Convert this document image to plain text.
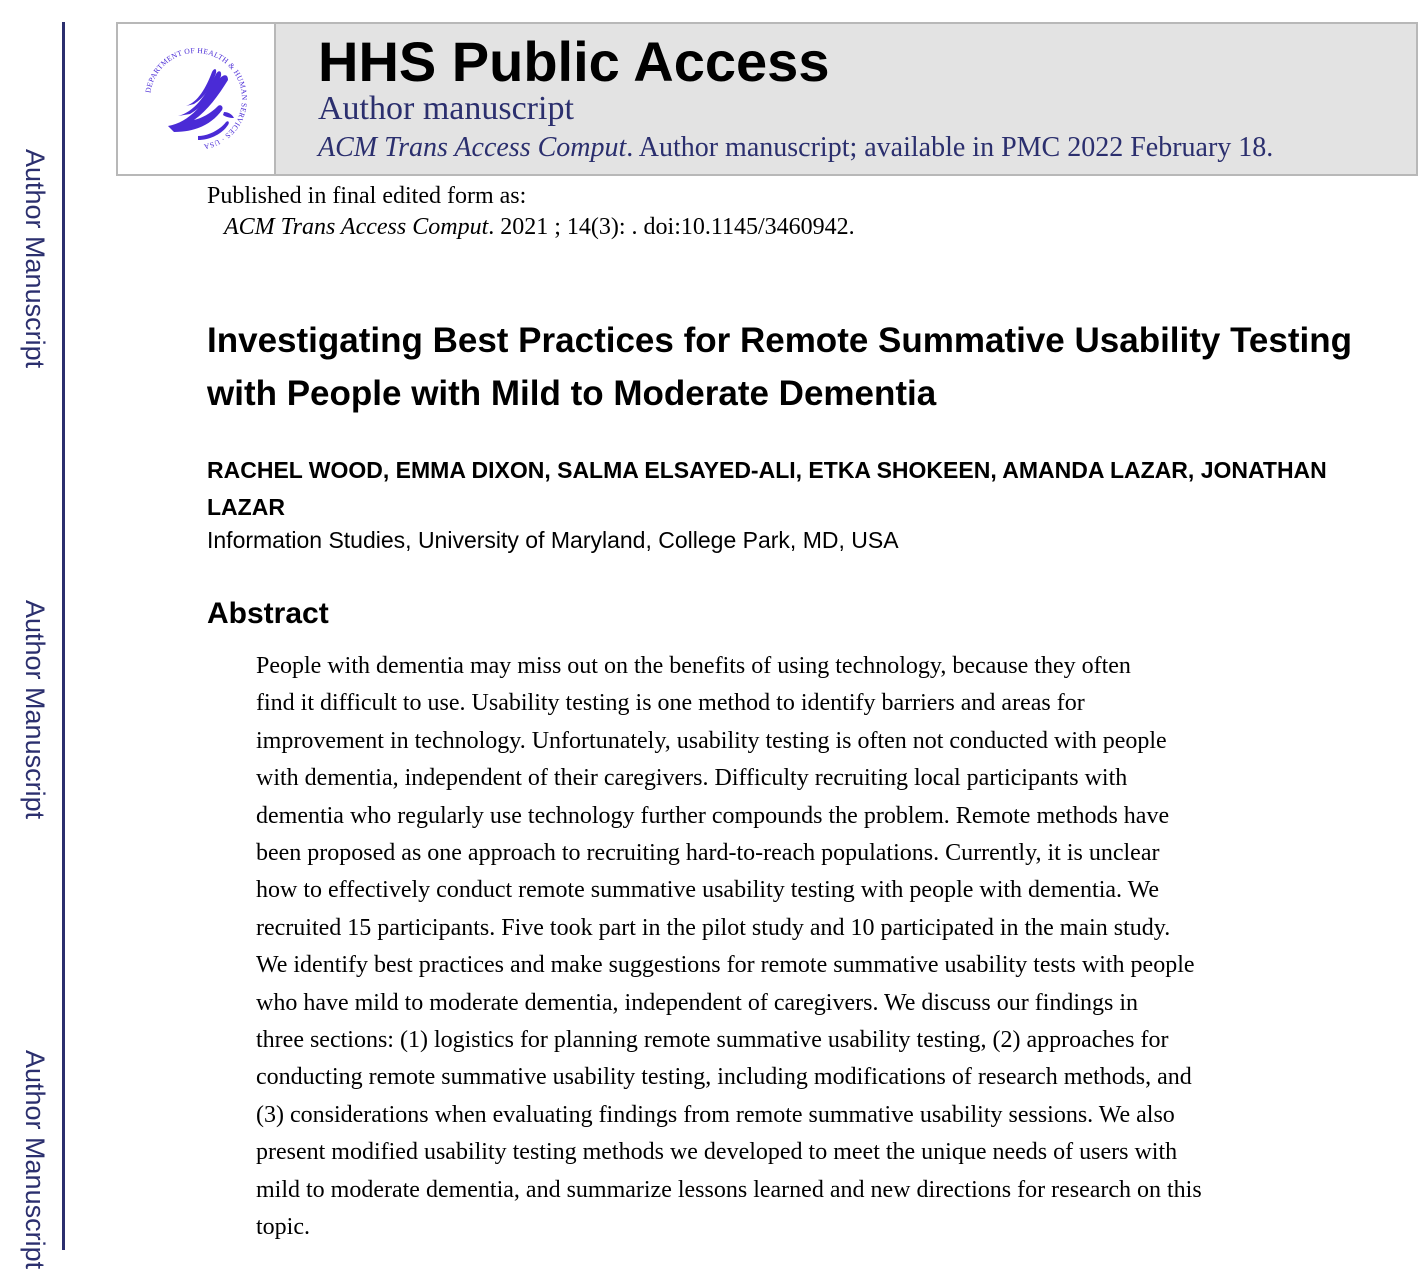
Author Manuscript
Author Manuscript
Author Manuscript
DEPARTMENT OF HEALTH & HUMAN SERVICES · USA
HHS Public Access
Author manuscript
ACM Trans Access Comput. Author manuscript; available in PMC 2022 February 18.
Published in final edited form as:
ACM Trans Access Comput. 2021 ; 14(3): . doi:10.1145/3460942.
Investigating Best Practices for Remote Summative Usability Testing with People with Mild to Moderate Dementia
RACHEL WOOD, EMMA DIXON, SALMA ELSAYED-ALI, ETKA SHOKEEN, AMANDA LAZAR, JONATHAN LAZAR
Information Studies, University of Maryland, College Park, MD, USA
Abstract
People with dementia may miss out on the benefits of using technology, because they often
find it difficult to use. Usability testing is one method to identify barriers and areas for
improvement in technology. Unfortunately, usability testing is often not conducted with people
with dementia, independent of their caregivers. Difficulty recruiting local participants with
dementia who regularly use technology further compounds the problem. Remote methods have
been proposed as one approach to recruiting hard-to-reach populations. Currently, it is unclear
how to effectively conduct remote summative usability testing with people with dementia. We
recruited 15 participants. Five took part in the pilot study and 10 participated in the main study.
We identify best practices and make suggestions for remote summative usability tests with people
who have mild to moderate dementia, independent of caregivers. We discuss our findings in
three sections: (1) logistics for planning remote summative usability testing, (2) approaches for
conducting remote summative usability testing, including modifications of research methods, and
(3) considerations when evaluating findings from remote summative usability sessions. We also
present modified usability testing methods we developed to meet the unique needs of users with
mild to moderate dementia, and summarize lessons learned and new directions for research on this
topic.
